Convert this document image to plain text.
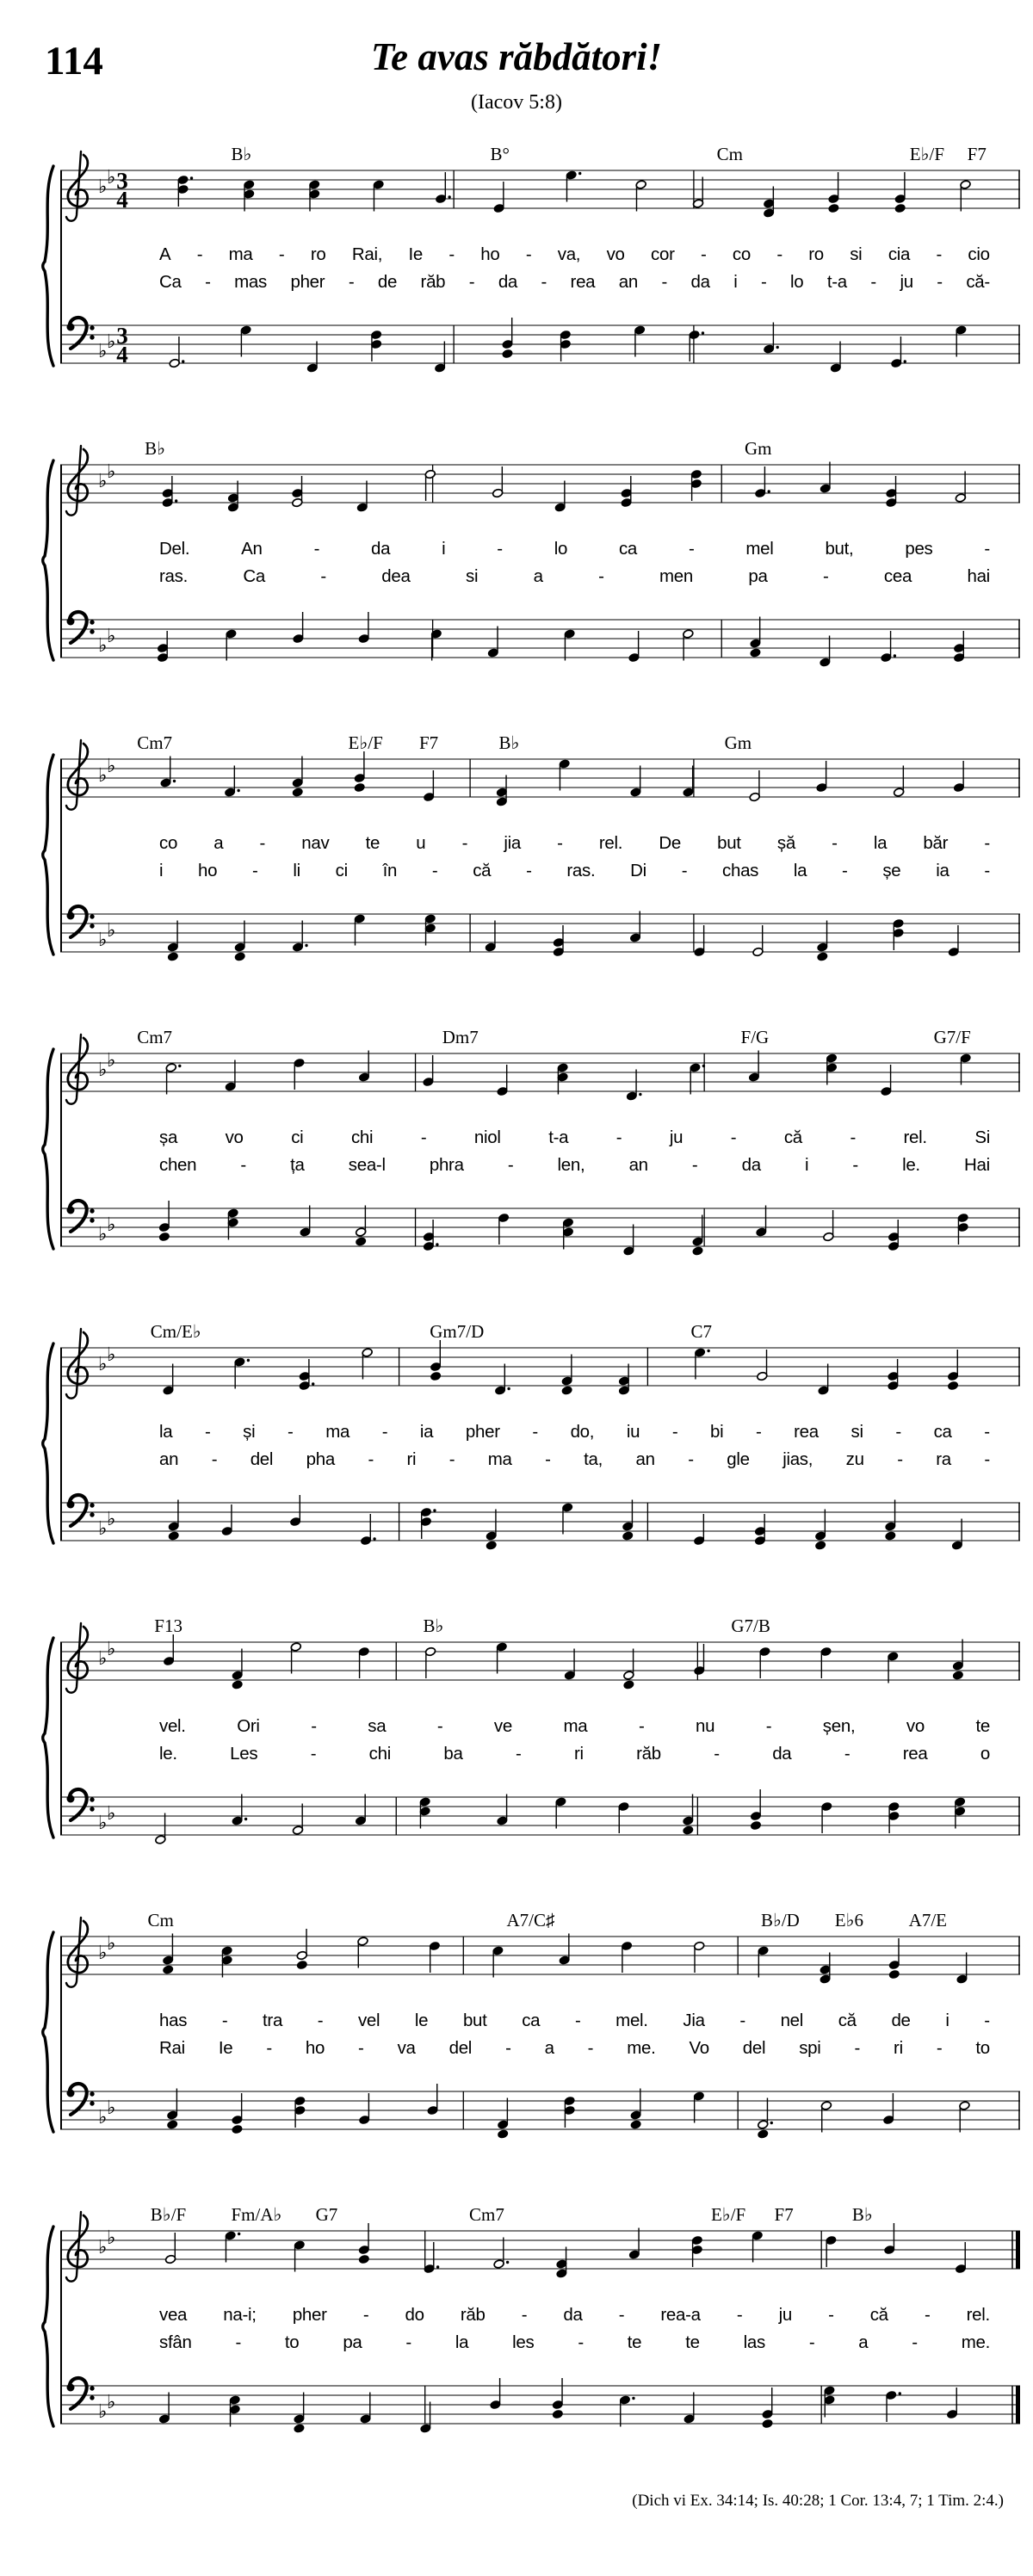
114	Te avas răbdători!
(Iacov 5:8)
B♭	B°	Cm	E♭/F F7
♭ ♭ 3
4
A - ma - ro Rai, Ie - ho - va, vo cor - co - ro si cia - cio
Ca - mas pher - de răb - da - rea an - da i - lo t-a - ju - că-
♭ ♭ 3
4
B♭	Gm
♭ ♭
Del.	An	-	da	i	-	lo	ca	-	mel	but,	pes	-
ras.	Ca	-	dea	si	a	-	men	pa	-	cea	hai
♭ ♭
Cm7	E♭/F F7	B♭	Gm
♭ ♭
co a - nav te u - jia - rel. De but șă - la băr -
i ho - li ci în - că - ras. Di - chas la - șe ia -
♭ ♭
Cm7	Dm7	F/G	G7/F
♭ ♭
șa	vo	ci	chi	-	niol	t-a	-	ju	-	că	-	rel.	Si
chen - ța sea-l phra - len, an - da i - le. Hai
♭ ♭
Cm/E♭	Gm7/D	C7
♭ ♭
la - și - ma - ia pher - do, iu - bi - rea si - ca -
an - del pha - ri - ma - ta, an - gle jias, zu - ra -
♭ ♭
F13	B♭	G7/B
♭ ♭
vel.	Ori	-	sa	-	ve	ma	-	nu	-	șen,	vo	te
le.	Les	-	chi	ba	-	ri	răb	-	da	-	rea	o
♭ ♭
Cm	A7/C♯	B♭/D E♭6	A7/E
♭ ♭
has - tra - vel le but ca - mel. Jia - nel că de i -
Rai Ie - ho - va del - a - me. Vo del spi - ri - to
♭ ♭
B♭/F Fm/A♭ G7	Cm7	E♭/F F7	B♭
♭ ♭
vea na-i; pher - do răb - da - rea-a - ju - că - rel.
sfân - to pa - la les - te te las - a - me.
♭ ♭
(Dich vi Ex. 34:14; Is. 40:28; 1 Cor. 13:4, 7; 1 Tim. 2:4.)
